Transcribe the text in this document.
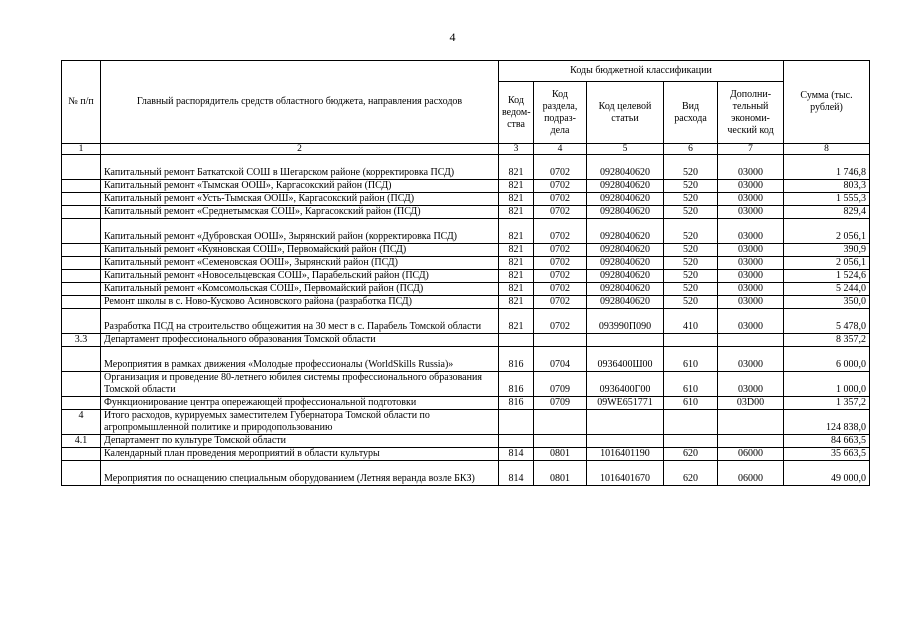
4
№ п/п	Главный распорядитель средств областного бюджета, направления расходов	Коды бюджетной классификации					Сумма (тыс. рублей)
		Код ведом-ства	Код раздела, подраз-дела	Код целевой статьи	Вид расхода	Дополни-тельный экономи-ческий код	
1	2	3	4	5	6	7	8
	Капитальный ремонт Баткатской СОШ в Шегарском районе (корректировка ПСД)	821	0702	0928040620	520	03000	1 746,8
	Капитальный ремонт «Тымская ООШ», Каргасокский район (ПСД)	821	0702	0928040620	520	03000	803,3
	Капитальный ремонт «Усть-Тымская ООШ», Каргасокский район (ПСД)	821	0702	0928040620	520	03000	1 555,3
	Капитальный ремонт «Среднетымская СОШ», Каргасокский район (ПСД)	821	0702	0928040620	520	03000	829,4
	Капитальный ремонт «Дубровская ООШ», Зырянский район (корректировка ПСД)	821	0702	0928040620	520	03000	2 056,1
	Капитальный ремонт «Куяновская СОШ», Первомайский район (ПСД)	821	0702	0928040620	520	03000	390,9
	Капитальный ремонт «Семеновская ООШ», Зырянский район (ПСД)	821	0702	0928040620	520	03000	2 056,1
	Капитальный ремонт «Новосельцевская СОШ», Парабельский район (ПСД)	821	0702	0928040620	520	03000	1 524,6
	Капитальный ремонт «Комсомольская СОШ», Первомайский район (ПСД)	821	0702	0928040620	520	03000	5 244,0
	Ремонт школы в с. Ново-Кусково Асиновского района (разработка ПСД)	821	0702	0928040620	520	03000	350,0
	Разработка ПСД на строительство общежития на 30 мест в с. Парабель Томской области	821	0702	093990П090	410	03000	5 478,0
3.3	Департамент профессионального образования Томской области						8 357,2
	Мероприятия в рамках движения «Молодые профессионалы (WorldSkills Russia)»	816	0704	0936400Ш00	610	03000	6 000,0
	Организация и проведение 80-летнего юбилея системы профессионального образования Томской области	816	0709	0936400Г00	610	03000	1 000,0
	Функционирование центра опережающей профессиональной подготовки	816	0709	09WE651771	610	03D00	1 357,2
4	Итого расходов, курируемых заместителем Губернатора Томской области по агропромышленной политике и природопользованию						124 838,0
4.1	Департамент по культуре Томской области						84 663,5
	Календарный план проведения мероприятий в области культуры	814	0801	1016401190	620	06000	35 663,5
	Мероприятия по оснащению специальным оборудованием (Летняя веранда возле БКЗ)	814	0801	1016401670	620	06000	49 000,0
